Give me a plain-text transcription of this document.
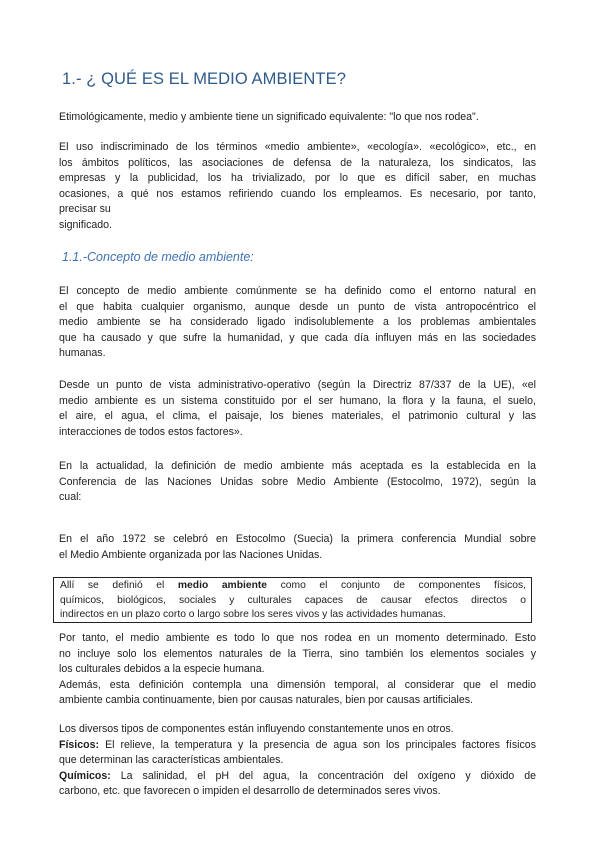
1.- ¿ QUÉ ES EL MEDIO AMBIENTE?
Etimológicamente, medio y ambiente tiene un significado equivalente: "lo que nos rodea".
El uso indiscriminado de los términos «medio ambiente», «ecología». «ecológico», etc., en
los ámbitos políticos, las asociaciones de defensa de la naturaleza, los sindicatos, las
empresas y la publicidad, los ha trivializado, por lo que es difícil saber, en muchas
ocasiones, a qué nos estamos refiriendo cuando los empleamos. Es necesario, por tanto,
precisar su
significado.
1.1.-Concepto de medio ambiente:
El concepto de medio ambiente comúnmente se ha definido como el entorno natural en
el que habita cualquier organismo, aunque desde un punto de vista antropocéntrico el
medio ambiente se ha considerado ligado indisolublemente a los problemas ambientales
que ha causado y que sufre la humanidad, y que cada día influyen más en las sociedades
humanas.
Desde un punto de vista administrativo-operativo (según la Directriz 87/337 de la UE), «el
medio ambiente es un sistema constituido por el ser humano, la flora y la fauna, el suelo,
el aire, el agua, el clima, el paisaje, los bienes materiales, el patrimonio cultural y las
interacciones de todos estos factores».
En la actualidad, la definición de medio ambiente más aceptada es la establecida en la
Conferencia de las Naciones Unidas sobre Medio Ambiente (Estocolmo, 1972), según la
cual:
En el año 1972 se celebró en Estocolmo (Suecia) la primera conferencia Mundial sobre
el Medio Ambiente organizada por las Naciones Unidas.
Allí se definió el medio ambiente como el conjunto de componentes físicos,
químicos, biológicos, sociales y culturales capaces de causar efectos directos o
indirectos en un plazo corto o largo sobre los seres vivos y las actividades humanas.
Por tanto, el medio ambiente es todo lo que nos rodea en un momento determinado. Esto
no incluye solo los elementos naturales de la Tierra, sino también los elementos sociales y
los culturales debidos a la especie humana.
Además, esta definición contempla una dimensión temporal, al considerar que el medio
ambiente cambia continuamente, bien por causas naturales, bien por causas artificiales.
Los diversos tipos de componentes están influyendo constantemente unos en otros.
Físicos: El relieve, la temperatura y la presencia de agua son los principales factores físicos
que determinan las características ambientales.
Químicos: La salinidad, el pH del agua, la concentración del oxígeno y dióxido de
carbono, etc. que favorecen o impiden el desarrollo de determinados seres vivos.
